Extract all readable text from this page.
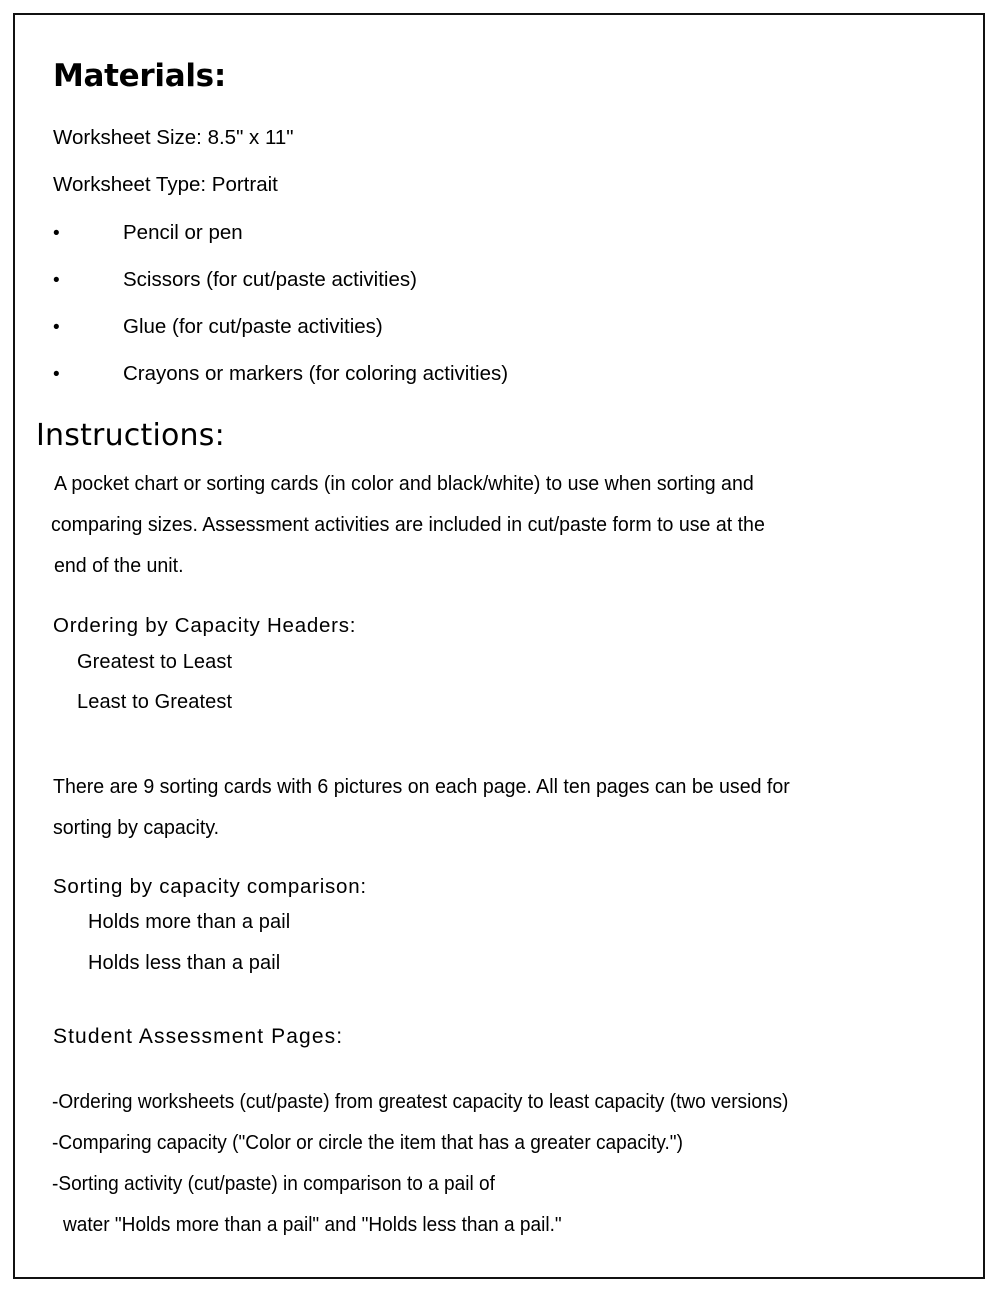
Materials:
Worksheet Size: 8.5" x 11"
Worksheet Type: Portrait
•	Pencil or pen
•	Scissors (for cut/paste activities)
•	Glue (for cut/paste activities)
•	Crayons or markers (for coloring activities)
Instructions:
A pocket chart or sorting cards (in color and black/white) to use when sorting and
comparing sizes. Assessment activities are included in cut/paste form to use at the
end of the unit.
Ordering by Capacity Headers:
Greatest to Least
Least to Greatest
There are 9 sorting cards with 6 pictures on each page. All ten pages can be used for
sorting by capacity.
Sorting by capacity comparison:
Holds more than a pail
Holds less than a pail
Student Assessment Pages:
-Ordering worksheets (cut/paste) from greatest capacity to least capacity (two versions)
-Comparing capacity ("Color or circle the item that has a greater capacity.")
-Sorting activity (cut/paste) in comparison to a pail of
water "Holds more than a pail" and "Holds less than a pail."
